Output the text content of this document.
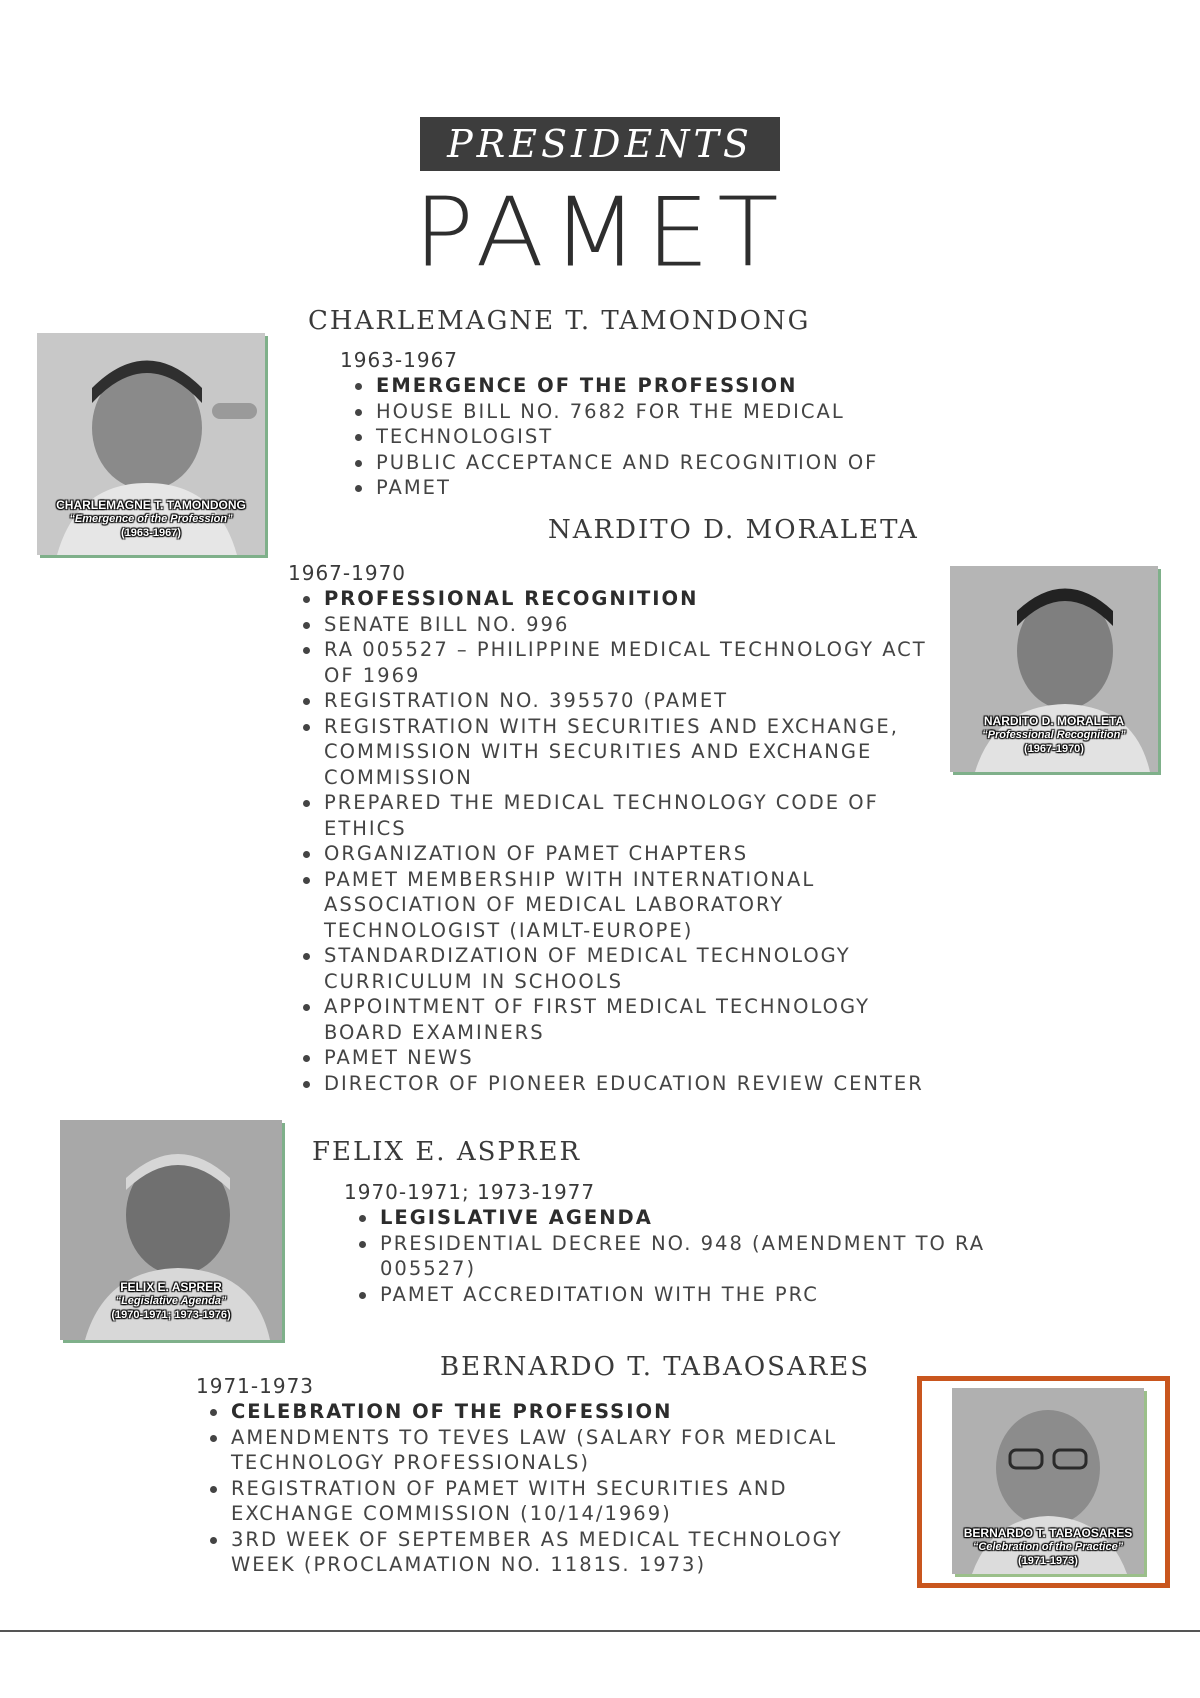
PRESIDENTS
PAMET
CHARLEMAGNE T. TAMONDONG
“Emergence of the Profession”
(1963-1967)
CHARLEMAGNE T. TAMONDONG
1963-1967
EMERGENCE OF THE PROFESSION
HOUSE BILL NO. 7682 FOR THE MEDICAL
TECHNOLOGIST
PUBLIC ACCEPTANCE AND RECOGNITION OF
PAMET
NARDITO D. MORALETA
1967-1970
PROFESSIONAL RECOGNITION
SENATE BILL NO. 996
RA 005527 – PHILIPPINE MEDICAL TECHNOLOGY ACT OF 1969
REGISTRATION NO. 395570 (PAMET
REGISTRATION WITH SECURITIES AND EXCHANGE, COMMISSION WITH SECURITIES AND EXCHANGE COMMISSION
PREPARED THE MEDICAL TECHNOLOGY CODE OF ETHICS
ORGANIZATION OF PAMET CHAPTERS
PAMET MEMBERSHIP WITH INTERNATIONAL ASSOCIATION OF MEDICAL LABORATORY TECHNOLOGIST (IAMLT-EUROPE)
STANDARDIZATION OF MEDICAL TECHNOLOGY CURRICULUM IN SCHOOLS
APPOINTMENT OF FIRST MEDICAL TECHNOLOGY BOARD EXAMINERS
PAMET NEWS
DIRECTOR OF PIONEER EDUCATION REVIEW CENTER
NARDITO D. MORALETA
“Professional Recognition”
(1967-1970)
FELIX E. ASPRER
“Legislative Agenda”
(1970-1971; 1973-1976)
FELIX E. ASPRER
1970-1971; 1973-1977
LEGISLATIVE AGENDA
PRESIDENTIAL DECREE NO. 948 (AMENDMENT TO RA 005527)
PAMET ACCREDITATION WITH THE PRC
BERNARDO T. TABAOSARES
1971-1973
CELEBRATION OF THE PROFESSION
AMENDMENTS TO TEVES LAW (SALARY FOR MEDICAL TECHNOLOGY PROFESSIONALS)
REGISTRATION OF PAMET WITH SECURITIES AND EXCHANGE COMMISSION (10/14/1969)
3RD WEEK OF SEPTEMBER AS MEDICAL TECHNOLOGY WEEK (PROCLAMATION NO. 1181S. 1973)
BERNARDO T. TABAOSARES
“Celebration of the Practice”
(1971-1973)
